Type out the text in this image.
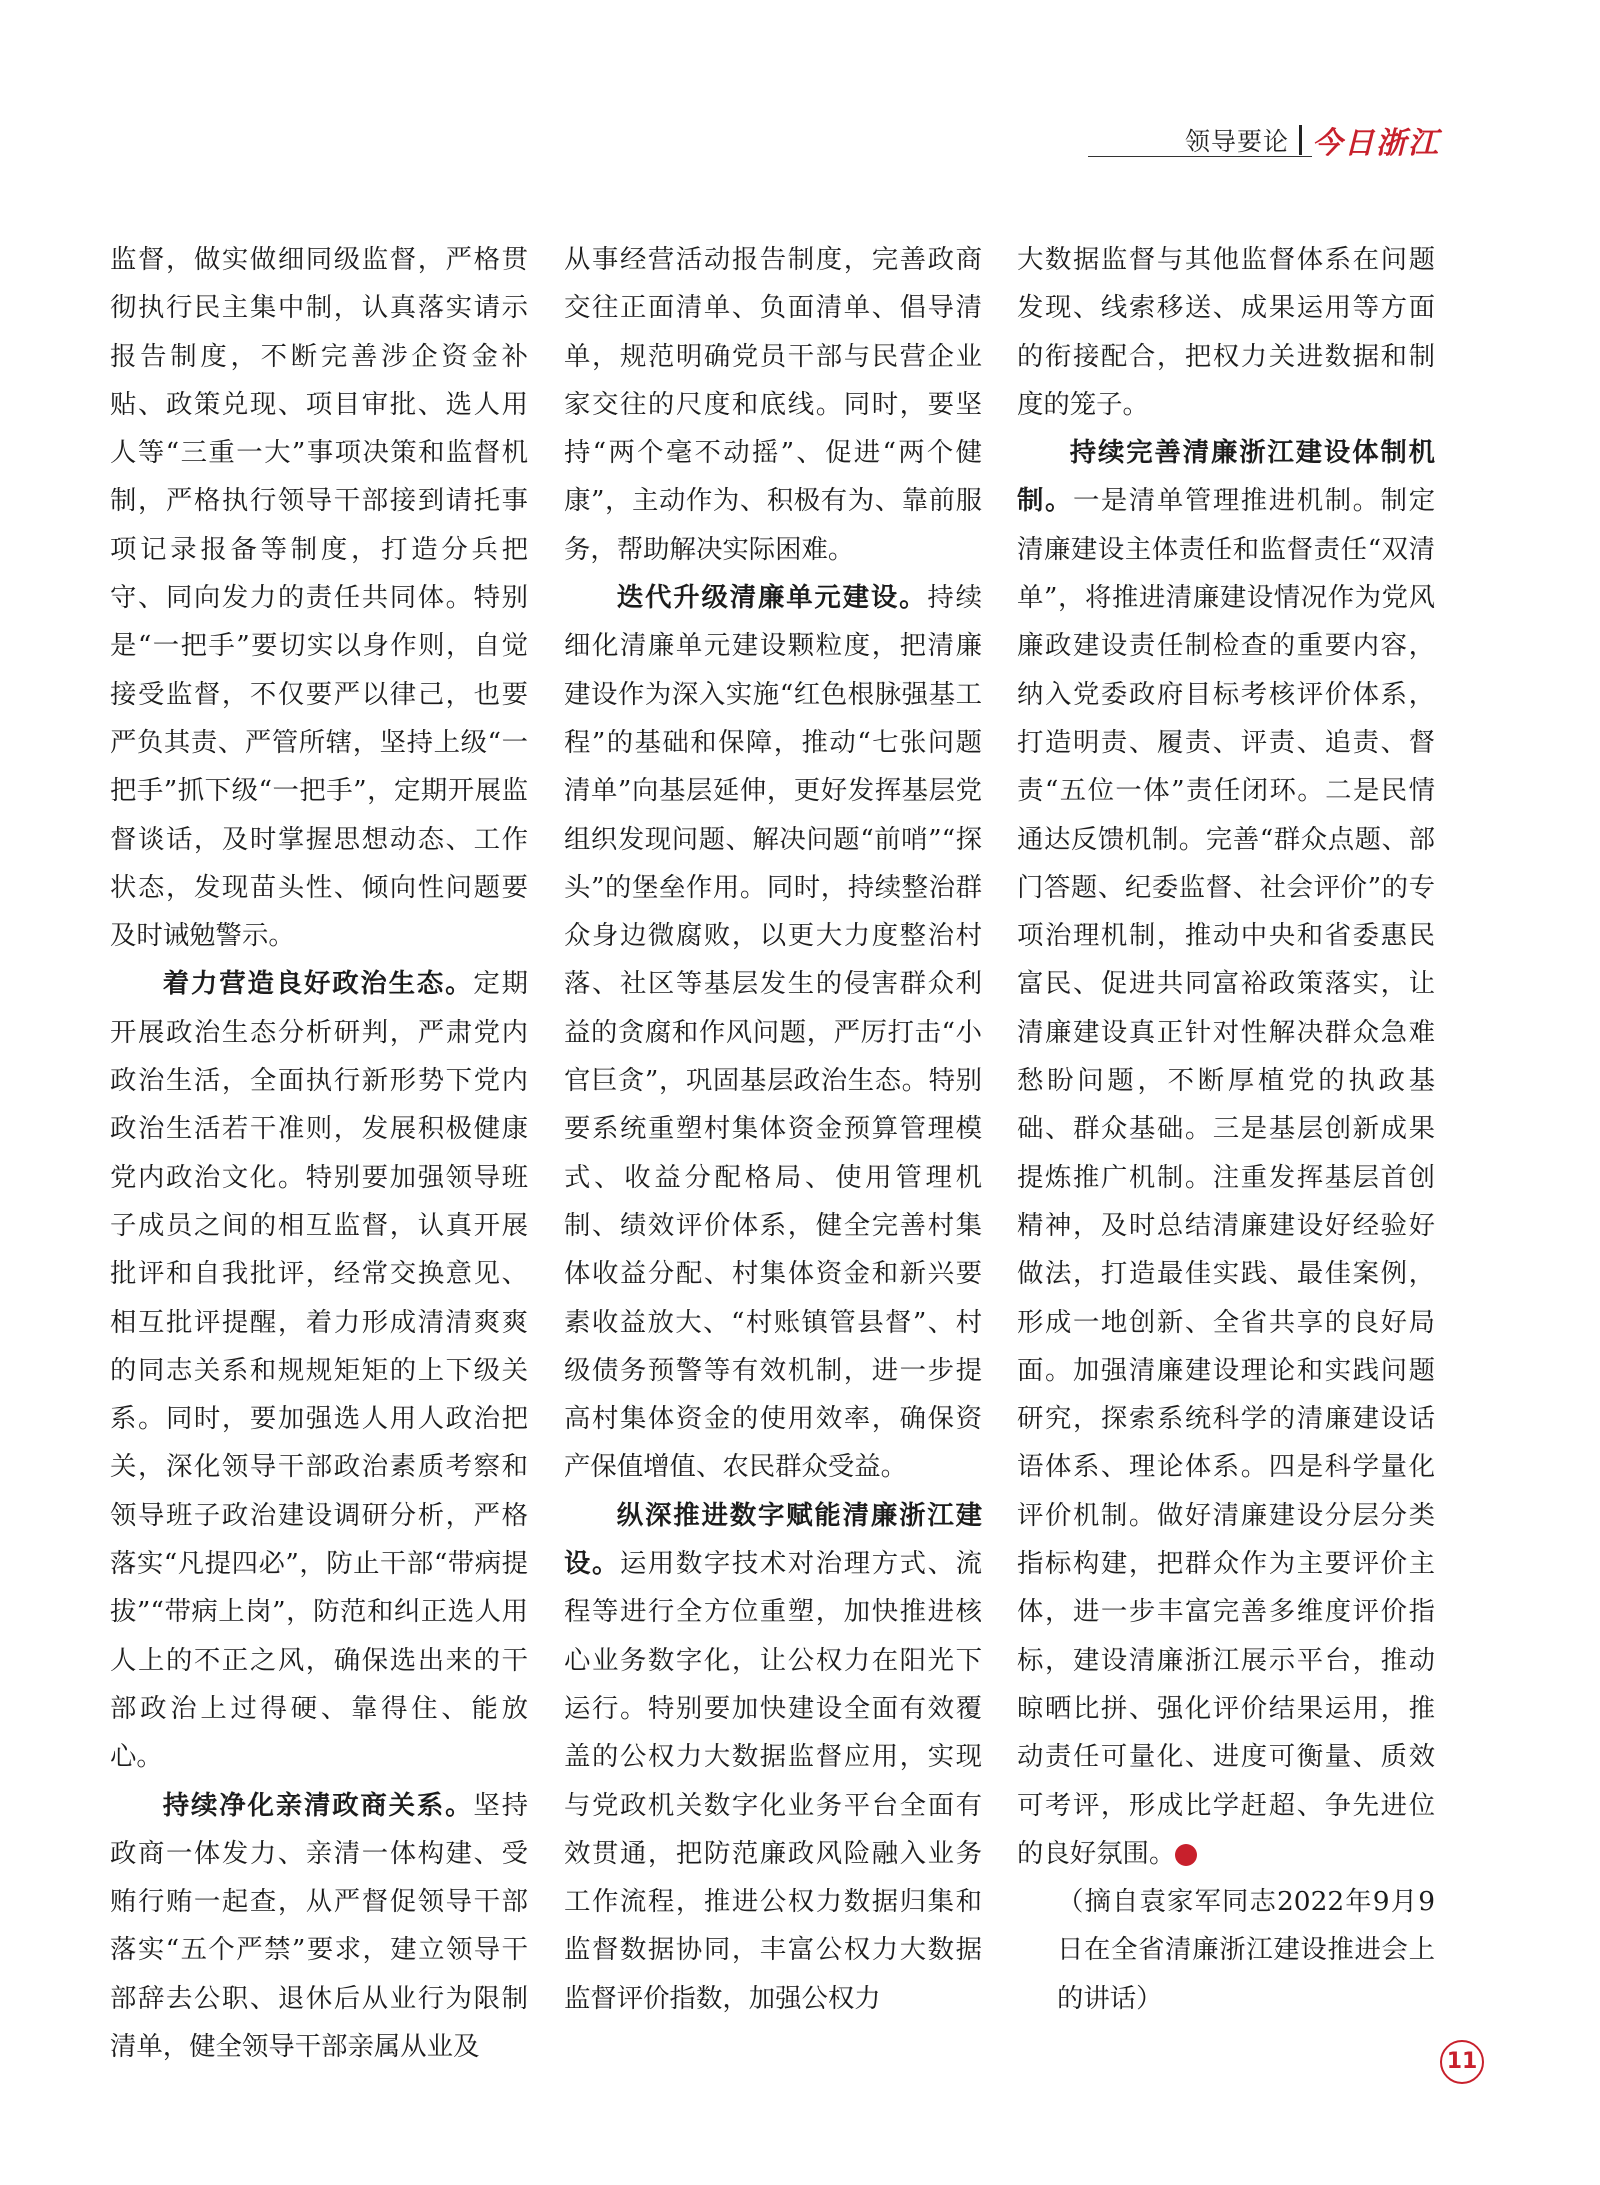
领导要论 今日浙江

监督，做实做细同级监督，严格贯彻执行民主集中制，认真落实请示报告制度，不断完善涉企资金补贴、政策兑现、项目审批、选人用人等“三重一大”事项决策和监督机制，严格执行领导干部接到请托事项记录报备等制度，打造分兵把守、同向发力的责任共同体。特别是“一把手”要切实以身作则，自觉接受监督，不仅要严以律己，也要严负其责、严管所辖，坚持上级“一把手”抓下级“一把手”，定期开展监督谈话，及时掌握思想动态、工作状态，发现苗头性、倾向性问题要及时诫勉警示。

着力营造良好政治生态。定期开展政治生态分析研判，严肃党内政治生活，全面执行新形势下党内政治生活若干准则，发展积极健康党内政治文化。特别要加强领导班子成员之间的相互监督，认真开展批评和自我批评，经常交换意见、相互批评提醒，着力形成清清爽爽的同志关系和规规矩矩的上下级关系。同时，要加强选人用人政治把关，深化领导干部政治素质考察和领导班子政治建设调研分析，严格落实“凡提四必”，防止干部“带病提拔”“带病上岗”，防范和纠正选人用人上的不正之风，确保选出来的干部政治上过得硬、靠得住、能放心。

持续净化亲清政商关系。坚持政商一体发力、亲清一体构建、受贿行贿一起查，从严督促领导干部落实“五个严禁”要求，建立领导干部辞去公职、退休后从业行为限制清单，健全领导干部亲属从业及

从事经营活动报告制度，完善政商交往正面清单、负面清单、倡导清单，规范明确党员干部与民营企业家交往的尺度和底线。同时，要坚持“两个毫不动摇”、促进“两个健康”，主动作为、积极有为、靠前服务，帮助解决实际困难。

迭代升级清廉单元建设。持续细化清廉单元建设颗粒度，把清廉建设作为深入实施“红色根脉强基工程”的基础和保障，推动“七张问题清单”向基层延伸，更好发挥基层党组织发现问题、解决问题“前哨”“探头”的堡垒作用。同时，持续整治群众身边微腐败，以更大力度整治村落、社区等基层发生的侵害群众利益的贪腐和作风问题，严厉打击“小官巨贪”，巩固基层政治生态。特别要系统重塑村集体资金预算管理模式、收益分配格局、使用管理机制、绩效评价体系，健全完善村集体收益分配、村集体资金和新兴要素收益放大、“村账镇管县督”、村级债务预警等有效机制，进一步提高村集体资金的使用效率，确保资产保值增值、农民群众受益。

纵深推进数字赋能清廉浙江建设。运用数字技术对治理方式、流程等进行全方位重塑，加快推进核心业务数字化，让公权力在阳光下运行。特别要加快建设全面有效覆盖的公权力大数据监督应用，实现与党政机关数字化业务平台全面有效贯通，把防范廉政风险融入业务工作流程，推进公权力数据归集和监督数据协同，丰富公权力大数据监督评价指数，加强公权力

大数据监督与其他监督体系在问题发现、线索移送、成果运用等方面的衔接配合，把权力关进数据和制度的笼子。

持续完善清廉浙江建设体制机制。一是清单管理推进机制。制定清廉建设主体责任和监督责任“双清单”，将推进清廉建设情况作为党风廉政建设责任制检查的重要内容，纳入党委政府目标考核评价体系，打造明责、履责、评责、追责、督责“五位一体”责任闭环。二是民情通达反馈机制。完善“群众点题、部门答题、纪委监督、社会评价”的专项治理机制，推动中央和省委惠民富民、促进共同富裕政策落实，让清廉建设真正针对性解决群众急难愁盼问题，不断厚植党的执政基础、群众基础。三是基层创新成果提炼推广机制。注重发挥基层首创精神，及时总结清廉建设好经验好做法，打造最佳实践、最佳案例，形成一地创新、全省共享的良好局面。加强清廉建设理论和实践问题研究，探索系统科学的清廉建设话语体系、理论体系。四是科学量化评价机制。做好清廉建设分层分类指标构建，把群众作为主要评价主体，进一步丰富完善多维度评价指标，建设清廉浙江展示平台，推动晾晒比拼、强化评价结果运用，推动责任可量化、进度可衡量、质效可考评，形成比学赶超、争先进位的良好氛围。	◆

（摘自袁家军同志2022年9月9日在全省清廉浙江建设推进会上的讲话）

11
